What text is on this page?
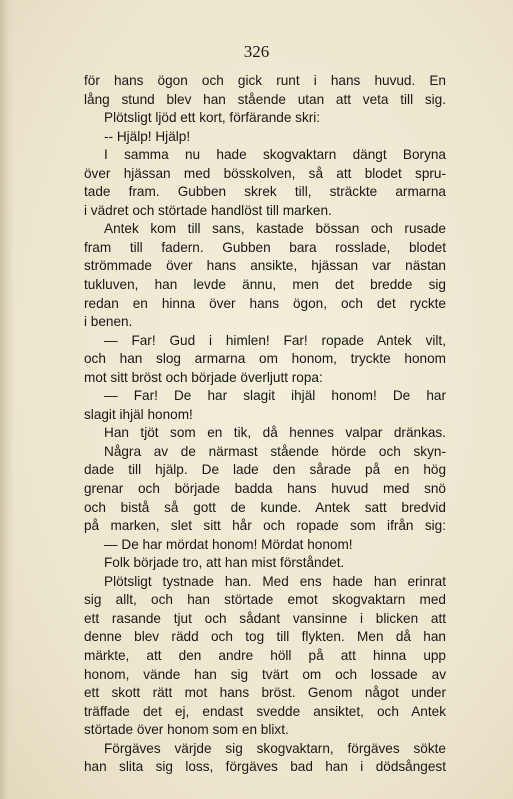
326
för hans ögon och gick runt i hans huvud. En
lång stund blev han stående utan att veta till sig.
Plötsligt ljöd ett kort, förfärande skri:
-- Hjälp! Hjälp!
I samma nu hade skogvaktarn dängt Boryna
över hjässan med bösskolven, så att blodet spru-
tade fram. Gubben skrek till, sträckte armarna
i vädret och störtade handlöst till marken.
Antek kom till sans, kastade bössan och rusade
fram till fadern. Gubben bara rosslade, blodet
strömmade över hans ansikte, hjässan var nästan
tukluven, han levde ännu, men det bredde sig
redan en hinna över hans ögon, och det ryckte
i benen.
— Far! Gud i himlen! Far! ropade Antek vilt,
och han slog armarna om honom, tryckte honom
mot sitt bröst och började överljutt ropa:
— Far! De har slagit ihjäl honom! De har
slagit ihjäl honom!
Han tjöt som en tik, då hennes valpar dränkas.
Några av de närmast stående hörde och skyn-
dade till hjälp. De lade den sårade på en hög
grenar och började badda hans huvud med snö
och bistå så gott de kunde. Antek satt bredvid
på marken, slet sitt hår och ropade som ifrån sig:
— De har mördat honom! Mördat honom!
Folk började tro, att han mist förståndet.
Plötsligt tystnade han. Med ens hade han erinrat
sig allt, och han störtade emot skogvaktarn med
ett rasande tjut och sådant vansinne i blicken att
denne blev rädd och tog till flykten. Men då han
märkte, att den andre höll på att hinna upp
honom, vände han sig tvärt om och lossade av
ett skott rätt mot hans bröst. Genom något under
träffade det ej, endast svedde ansiktet, och Antek
störtade över honom som en blixt.
Förgäves värjde sig skogvaktarn, förgäves sökte
han slita sig loss, förgäves bad han i dödsångest
